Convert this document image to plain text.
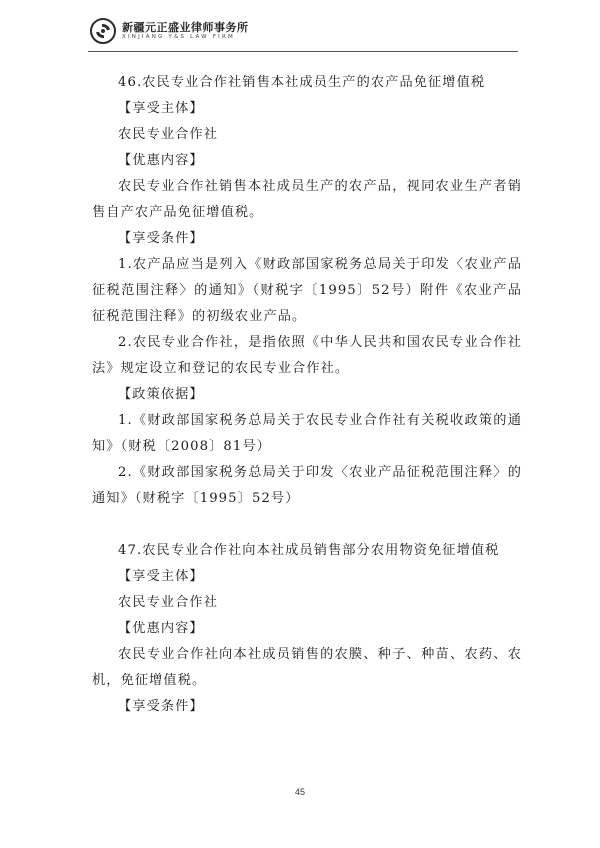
新疆元正盛业律师事务所
XINJIANG Y&S LAW FIRM

46.农民专业合作社销售本社成员生产的农产品免征增值税

【享受主体】

农民专业合作社

【优惠内容】

农民专业合作社销售本社成员生产的农产品，视同农业生产者销售自产农产品免征增值税。

【享受条件】

1.农产品应当是列入《财政部国家税务总局关于印发〈农业产品征税范围注释〉的通知》（财税字〔1995〕52号）附件《农业产品征税范围注释》的初级农业产品。

2.农民专业合作社，是指依照《中华人民共和国农民专业合作社法》规定设立和登记的农民专业合作社。

【政策依据】

1.《财政部国家税务总局关于农民专业合作社有关税收政策的通知》（财税〔2008〕81号）

2.《财政部国家税务总局关于印发〈农业产品征税范围注释〉的通知》（财税字〔1995〕52号）

47.农民专业合作社向本社成员销售部分农用物资免征增值税

【享受主体】

农民专业合作社

【优惠内容】

农民专业合作社向本社成员销售的农膜、种子、种苗、农药、农机，免征增值税。

【享受条件】

45
